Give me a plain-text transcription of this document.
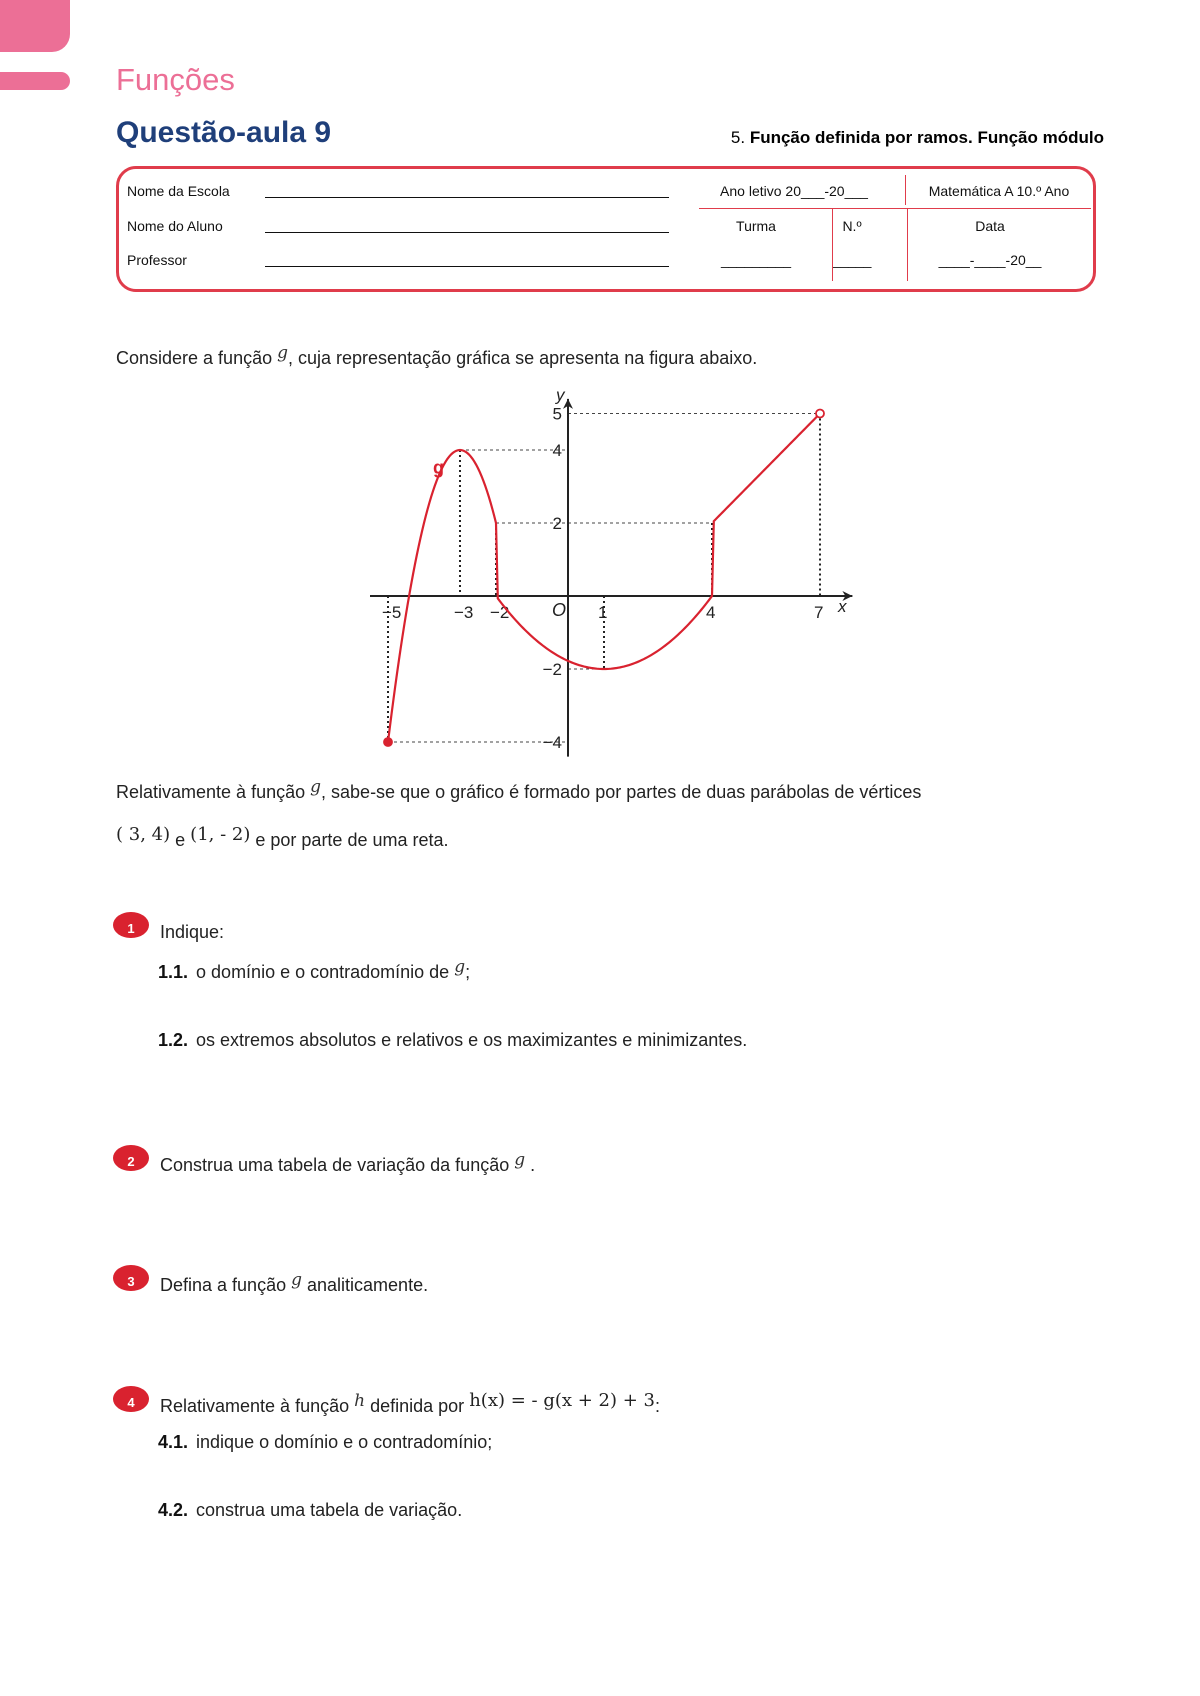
Funções
Questão-aula 9	5. Função definida por ramos. Função módulo
Nome da Escola
Nome do Aluno
Professor
Ano letivo 20___-20___	Matemática A 10.º Ano
Turma	N.º	Data
_________	_____	____-____-20__
Considere a função g, cuja representação gráfica se apresenta na figura abaixo.
−5	−3 −2	1	4	7
5
4
2
−2
−4
y
x
O
g
Relativamente à função g, sabe-se que o gráfico é formado por partes de duas parábolas de vértices
( 3, 4) e (1, - 2) e por parte de uma reta.
1	Indique:
1.1. o domínio e o contradomínio de g;
1.2. os extremos absolutos e relativos e os maximizantes e minimizantes.
2	Construa uma tabela de variação da função g .
3	Defina a função g analiticamente.
4	Relativamente à função h definida por h(x) = - g(x + 2) + 3:
4.1. indique o domínio e o contradomínio;
4.2. construa uma tabela de variação.
